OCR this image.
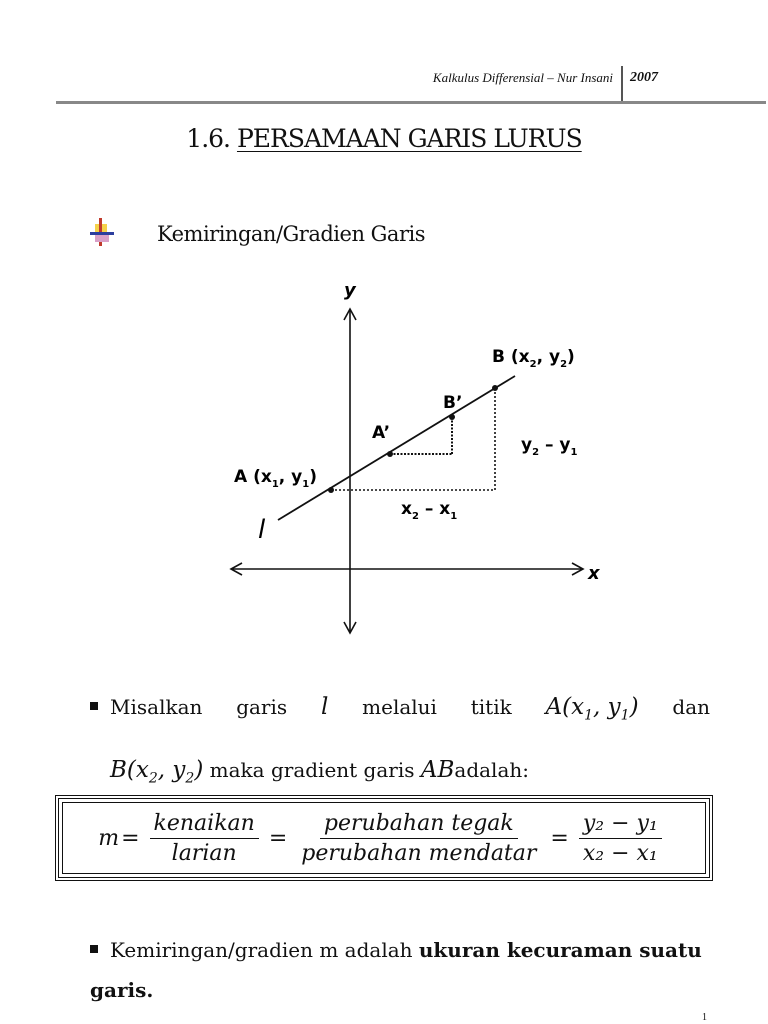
Kalkulus Differensial – Nur Insani 2007
1.6. PERSAMAAN GARIS LURUS
Kemiringan/Gradien Garis
y
x
l
B ($x_2$, $y_2$)
B’
A’
A ($x_1$, $y_1$)
$y_2 - y_1$
$x_2 - x_1$
Misalkan garis l melalui titik $A(x_1$, $y_1$) dan
$B(x_2$, $y_2$) maka gradient garis ABadalah:
$m = \frac{\text{kenaikan}}{\text{larian}} = \frac{\text{perubahan tegak}}{\text{perubahan mendatar}} = \frac{\text{y₂ − y₁}}{\text{x₂ − x₁}}$
Kemiringan/gradien m adalah ukuran kecuraman suatu garis.
1
